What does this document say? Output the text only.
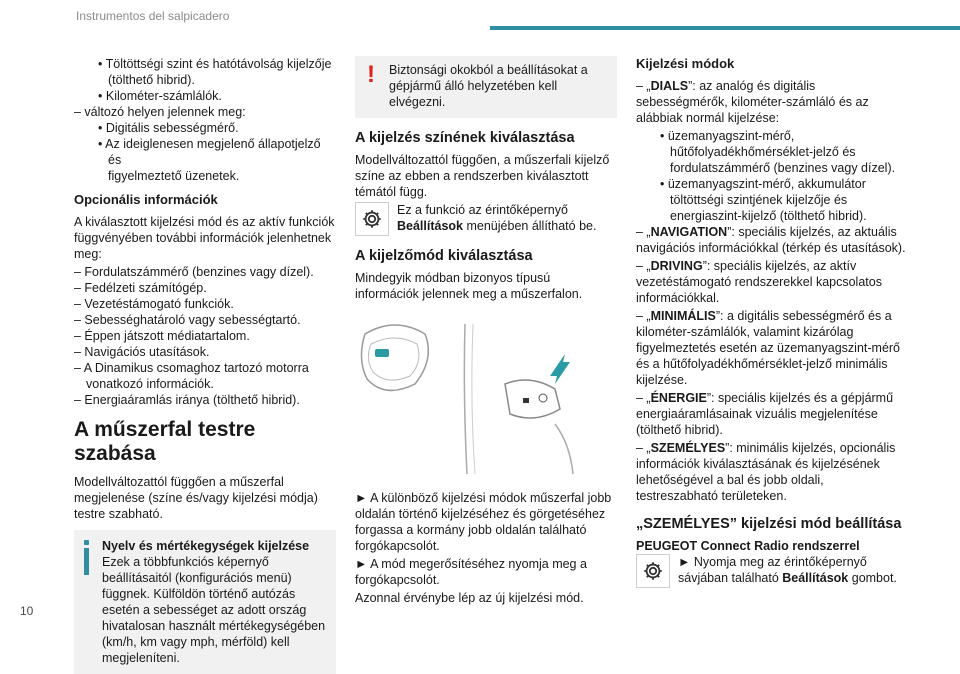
Instrumentos del salpicadero
10
• Töltöttségi szint és hatótávolság kijelzője
(tölthető hibrid).
• Kilométer-számlálók.
– változó helyen jelennek meg:
• Digitális sebességmérő.
• Az ideiglenesen megjelenő állapotjelző és
figyelmeztető üzenetek.
Opcionális információk
A kiválasztott kijelzési mód és az aktív funkciók függvényében további információk jelenhetnek meg:
– Fordulatszámmérő (benzines vagy dízel).
– Fedélzeti számítógép.
– Vezetéstámogató funkciók.
– Sebességhatároló vagy sebességtartó.
– Éppen játszott médiatartalom.
– Navigációs utasítások.
– A Dinamikus csomaghoz tartozó motorra vonatkozó információk.
– Energiaáramlás iránya (tölthető hibrid).
A műszerfal testre szabása
Modellváltozattól függően a műszerfal megjelenése (színe és/vagy kijelzési módja) testre szabható.
Nyelv és mértékegységek kijelzése
Ezek a többfunkciós képernyő beállításaitól (konfigurációs menü) függnek. Külföldön történő autózás esetén a sebességet az adott ország hivatalosan használt mértékegységében (km/h, km vagy mph, mérföld) kell megjeleníteni.
! Biztonsági okokból a beállításokat a gépjármű álló helyzetében kell elvégezni.
A kijelzés színének kiválasztása
Modellváltozattól függően, a műszerfali kijelző színe az ebben a rendszerben kiválasztott témától függ.
Ez a funkció az érintőképernyő Beállítások menüjében állítható be.
A kijelzőmód kiválasztása
Mindegyik módban bizonyos típusú információk jelennek meg a műszerfalon.
► A különböző kijelzési módok műszerfal jobb oldalán történő kijelzéséhez és görgetéséhez forgassa a kormány jobb oldalán található forgókapcsolót.
► A mód megerősítéséhez nyomja meg a forgókapcsolót.
Azonnal érvénybe lép az új kijelzési mód.
Kijelzési módok
– „DIALS”: az analóg és digitális sebességmérők, kilométer-számláló és az alábbiak normál kijelzése:
• üzemanyagszint-mérő, hűtőfolyadékhőmérséklet-jelző és fordulatszámmérő (benzines vagy dízel).
• üzemanyagszint-mérő, akkumulátor töltöttségi szintjének kijelzője és energiaszint-kijelző (tölthető hibrid).
– „NAVIGATION”: speciális kijelzés, az aktuális navigációs információkkal (térkép és utasítások).
– „DRIVING”: speciális kijelzés, az aktív vezetéstámogató rendszerekkel kapcsolatos információkkal.
– „MINIMÁLIS”: a digitális sebességmérő és a kilométer-számlálók, valamint kizárólag figyelmeztetés esetén az üzemanyagszint-mérő és a hűtőfolyadékhőmérséklet-jelző minimális kijelzése.
– „ÉNERGIE”: speciális kijelzés és a gépjármű energiaáramlásainak vizuális megjelenítése (tölthető hibrid).
– „SZEMÉLYES”: minimális kijelzés, opcionális információk kiválasztásának és kijelzésének lehetőségével a bal és jobb oldali, testreszabható területeken.
„SZEMÉLYES” kijelzési mód beállítása
PEUGEOT Connect Radio rendszerrel
► Nyomja meg az érintőképernyő sávjában található Beállítások gombot.
